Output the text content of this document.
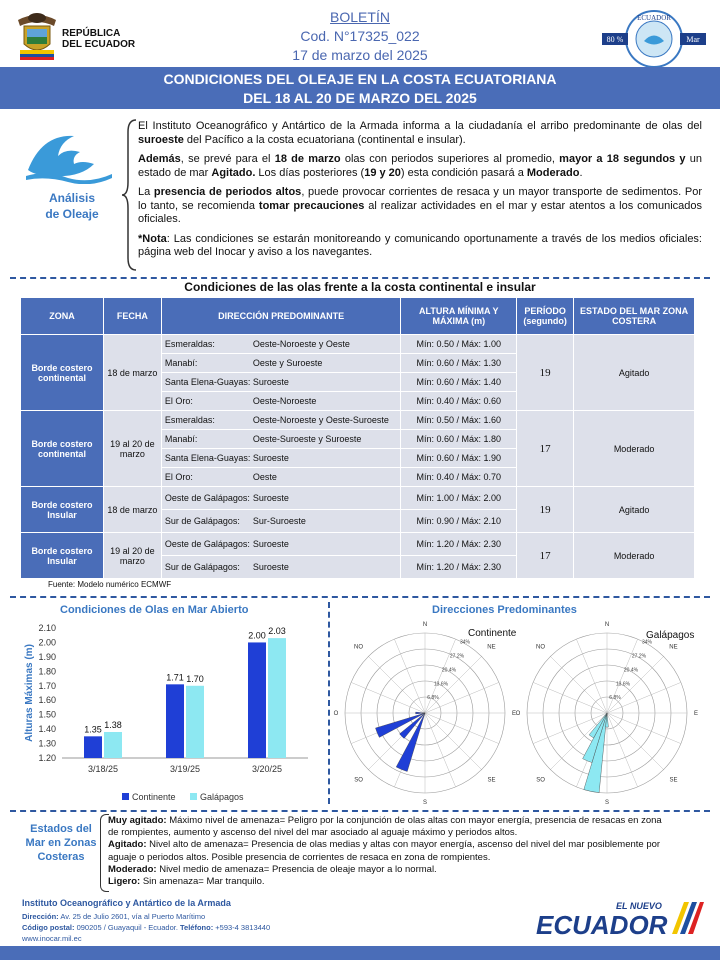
REPÚBLICA
DEL ECUADOR
BOLETÍN
Cod. N°17325_022
17 de marzo del 2025
ECUADOR
80 %	Mar
CONDICIONES DEL OLEAJE EN LA COSTA ECUATORIANA
DEL 18 AL 20 DE MARZO DEL 2025
Análisis
de Oleaje

El Instituto Oceanográfico y Antártico de la Armada informa a la ciudadanía el arribo predominante de olas del suroeste del Pacífico a la costa ecuatoriana (continental e insular).

Además, se prevé para el 18 de marzo olas con periodos superiores al promedio, mayor a 18 segundos y un estado de mar Agitado. Los días posteriores (19 y 20) esta condición pasará a Moderado.

La presencia de periodos altos, puede provocar corrientes de resaca y un mayor transporte de sedimentos. Por lo tanto, se recomienda tomar precauciones al realizar actividades en el mar y estar atentos a los comunicados oficiales.

*Nota: Las condiciones se estarán monitoreando y comunicando oportunamente a través de los medios oficiales: página web del Inocar y aviso a los navegantes.

Condiciones de las olas frente a la costa continental e insular
ZONA	FECHA	DIRECCIÓN PREDOMINANTE	ALTURA MÍNIMA Y MÁXIMA (m)	PERÍODO (segundo)	ESTADO DEL MAR ZONA COSTERA
Borde costero continental	18 de marzo	Esmeraldas: Oeste-Noroeste y Oeste	Mín: 0.50 / Máx: 1.00	19	Agitado
		Manabí: Oeste y Suroeste	Mín: 0.60 / Máx: 1.30		
		Santa Elena-Guayas: Suroeste	Mín: 0.60 / Máx: 1.40		
		El Oro: Oeste-Noroeste	Mín: 0.40 / Máx: 0.60		
Borde costero continental	19 al 20 de marzo	Esmeraldas: Oeste-Noroeste y Oeste-Suroeste	Mín: 0.50 / Máx: 1.60	17	Moderado
		Manabí: Oeste-Suroeste y Suroeste	Mín: 0.60 / Máx: 1.80		
		Santa Elena-Guayas: Suroeste	Mín: 0.60 / Máx: 1.90		
		El Oro: Oeste	Mín: 0.40 / Máx: 0.70		
Borde costero Insular	18 de marzo	Oeste de Galápagos: Suroeste	Mín: 1.00 / Máx: 2.00	19	Agitado
		Sur de Galápagos: Sur-Suroeste	Mín: 0.90 / Máx: 2.10		
Borde costero Insular	19 al 20 de marzo	Oeste de Galápagos: Suroeste	Mín: 1.20 / Máx: 2.30	17	Moderado
		Sur de Galápagos: Suroeste	Mín: 1.20 / Máx: 2.30		
Fuente: Modelo numérico ECMWF
Condiciones de Olas en Mar Abierto
1.20
1.30
1.40
1.50
1.60
1.70
1.80
1.90
2.00
2.10
Alturas Máximas (m)	1.35 1.38
3/18/25
1.71 1.70
3/19/25
2.00 2.03
3/20/25
Continente	Galápagos
Direcciones Predominantes
6.8%
13.6%
20.4%
27.2%
34%
N
NE
E
SE
S
SO
O
NO
6.8%
13.6%
20.4%
27.2%
34%
N
NE
E
SE
S
SO
O
NO
Continente	Galápagos
Estados del
Mar en Zonas
Costeras

Muy agitado: Máximo nivel de amenaza= Peligro por la conjunción de olas altas con mayor energía, presencia de resacas en zona de rompientes, aumento y ascenso del nivel del mar asociado al aguaje máximo y periodos altos.

Agitado: Nivel alto de amenaza= Presencia de olas medias y altas con mayor energía, ascenso del nivel del mar posiblemente por aguaje o periodos altos. Posible presencia de corrientes de resaca en zona de rompientes.

Moderado: Nivel medio de amenaza= Presencia de oleaje mayor a lo normal.

Ligero: Sin amenaza= Mar tranquilo.

Instituto Oceanográfico y Antártico de la Armada
Dirección: Av. 25 de Julio 2601, vía al Puerto Marítimo
Código postal: 090205 / Guayaquil - Ecuador. Teléfono: +593-4 3813440
www.inocar.mil.ec
EL NUEVO
ECUADOR
